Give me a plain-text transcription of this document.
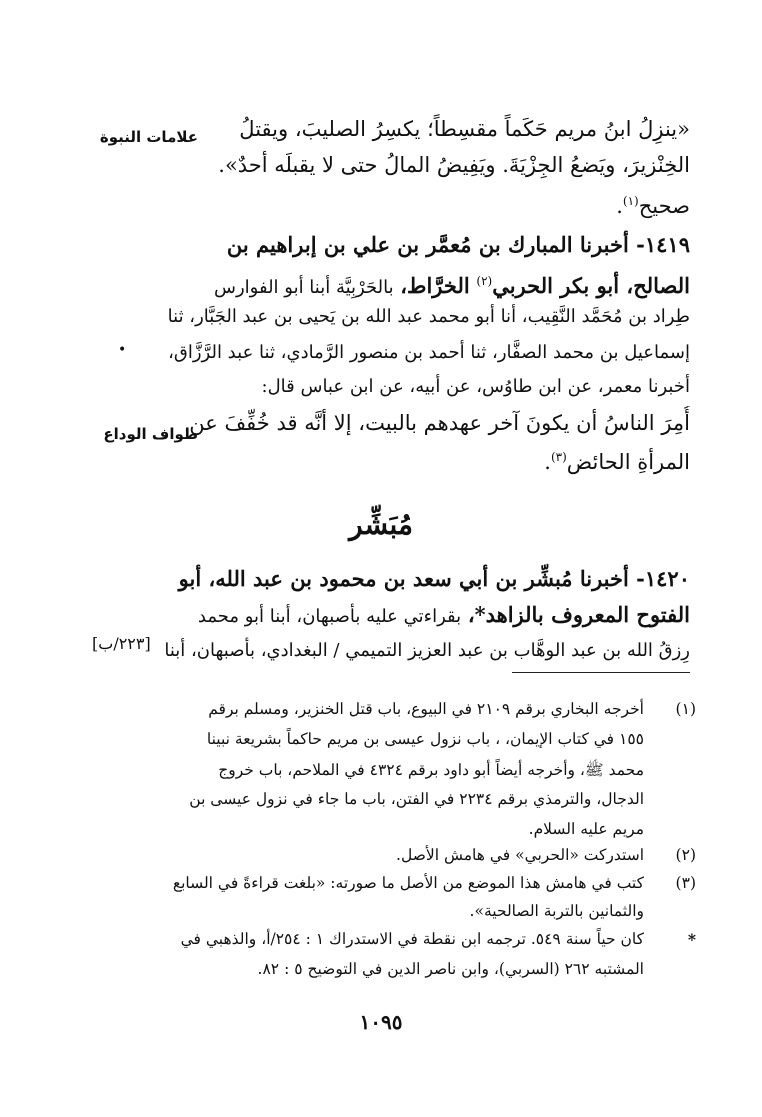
علامات النبوة
طواف الوداع
[٢٢٣/ب]
•
«ينزِلُ ابنُ مريم حَكَماً مقسِطاً؛ يكسِرُ الصليبَ، ويقتلُ
الخِنْزيرَ، ويَضعُ الجِزْيَةَ. ويَفِيضُ المالُ حتى لا يقبلَه أحدٌ».
صحيح$^{(١)}$.
١٤١٩- أخبرنا المبارك بن مُعمَّر بن علي بن إبراهيم بن
الصالح، أبو بكر الحربي$^{(٢)}$ الخرَّاط، بالحَرْبِيَّة أبنا أبو الفوارس
طِراد بن مُحَمَّد النَّقِيب، أنا أبو محمد عبد الله بن يَحيى بن عبد الجَبَّار، ثنا
إسماعيل بن محمد الصفَّار، ثنا أحمد بن منصور الرَّمادي، ثنا عبد الرَّزَّاق،
أخبرنا معمر، عن ابن طاوُس، عن أبيه، عن ابن عباس قال:
أُمِرَ الناسُ أن يكونَ آخر عهدهم بالبيت، إلا أنَّه قد خُفِّفَ عن
المرأةِ الحائض$^{(٣)}$.
مُبَشِّر
١٤٢٠- أخبرنا مُبشِّر بن أبي سعد بن محمود بن عبد الله، أبو
الفتوح المعروف بالزاهد*، بقراءتي عليه بأصبهان، أبنا أبو محمد
رِزقُ الله بن عبد الوهَّاب بن عبد العزيز التميمي / البغدادي، بأصبهان، أبنا
(١)
أخرجه البخاري برقم ٢١٠٩ في البيوع، باب قتل الخنزير، ومسلم برقم
١٥٥ في كتاب الإيمان، ، باب نزول عيسى بن مريم حاكماً بشريعة نبينا
محمد ﷺ، وأخرجه أيضاً أبو داود برقم ٤٣٢٤ في الملاحم، باب خروج
الدجال، والترمذي برقم ٢٢٣٤ في الفتن، باب ما جاء في نزول عيسى بن
مريم عليه السلام.
(٢)
استدركت «الحربي» في هامش الأصل.
(٣)
كتب في هامش هذا الموضع من الأصل ما صورته: «بلغت قراءةً في السابع
والثمانين بالتربة الصالحية».
*
كان حياً سنة ٥٤٩. ترجمه ابن نقطة في الاستدراك ١ : ٢٥٤/أ، والذهبي في
المشتبه ٢٦٢ (السربي)، وابن ناصر الدين في التوضيح ٥ : ٨٢.
١٠٩٥
